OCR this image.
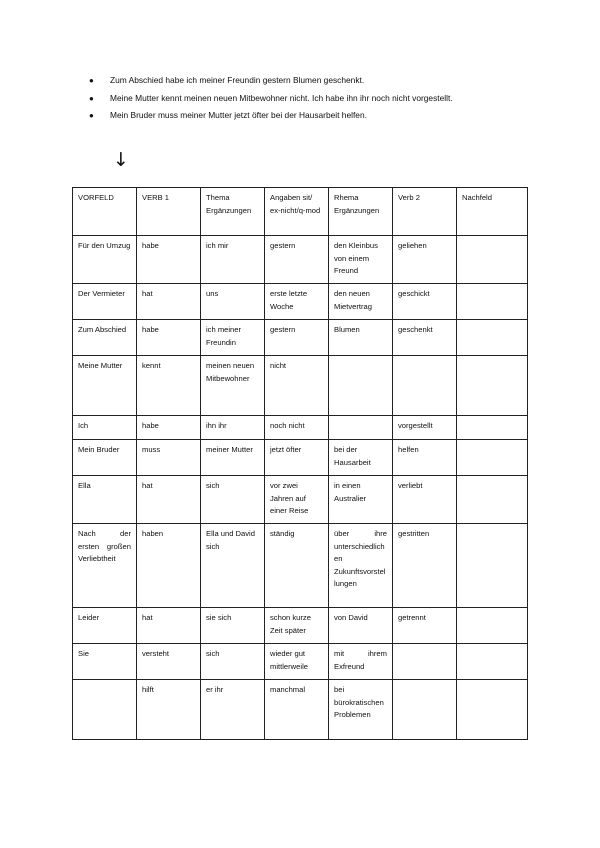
● Zum Abschied habe ich meiner Freundin gestern Blumen geschenkt.
● Meine Mutter kennt meinen neuen Mitbewohner nicht. Ich habe ihn ihr noch nicht vorgestellt.
● Mein Bruder muss meiner Mutter jetzt öfter bei der Hausarbeit helfen.
↓
VORFELD	VERB 1	Thema Ergänzungen	Angaben sit/ ex-nicht/q-mod	Rhema Ergänzungen	Verb 2	Nachfeld
Für den Umzug	habe	ich mir	gestern	den Kleinbus von einem Freund	geliehen	
Der Vermieter	hat	uns	erste letzte Woche	den neuen Mietvertrag	geschickt	
Zum Abschied	habe	ich meiner Freundin	gestern	Blumen	geschenkt	
Meine Mutter	kennt	meinen neuen Mitbewohner	nicht			
Ich	habe	ihn ihr	noch nicht		vorgestellt	
Mein Bruder	muss	meiner Mutter	jetzt öfter	bei der Hausarbeit	helfen	
Ella	hat	sich	vor zwei Jahren auf einer Reise	in einen Australier	verliebt	
Nach der ersten großen Verliebtheit	haben	Ella und David sich	ständig	über ihre unterschiedlichen Zukunftsvorstellungen	gestritten	
Leider	hat	sie sich	schon kurze Zeit später	von David	getrennt	
Sie	versteht	sich	wieder gut mittlerweile	mit ihrem Exfreund		
	hilft	er ihr	manchmal	bei bürokratischen Problemen		
